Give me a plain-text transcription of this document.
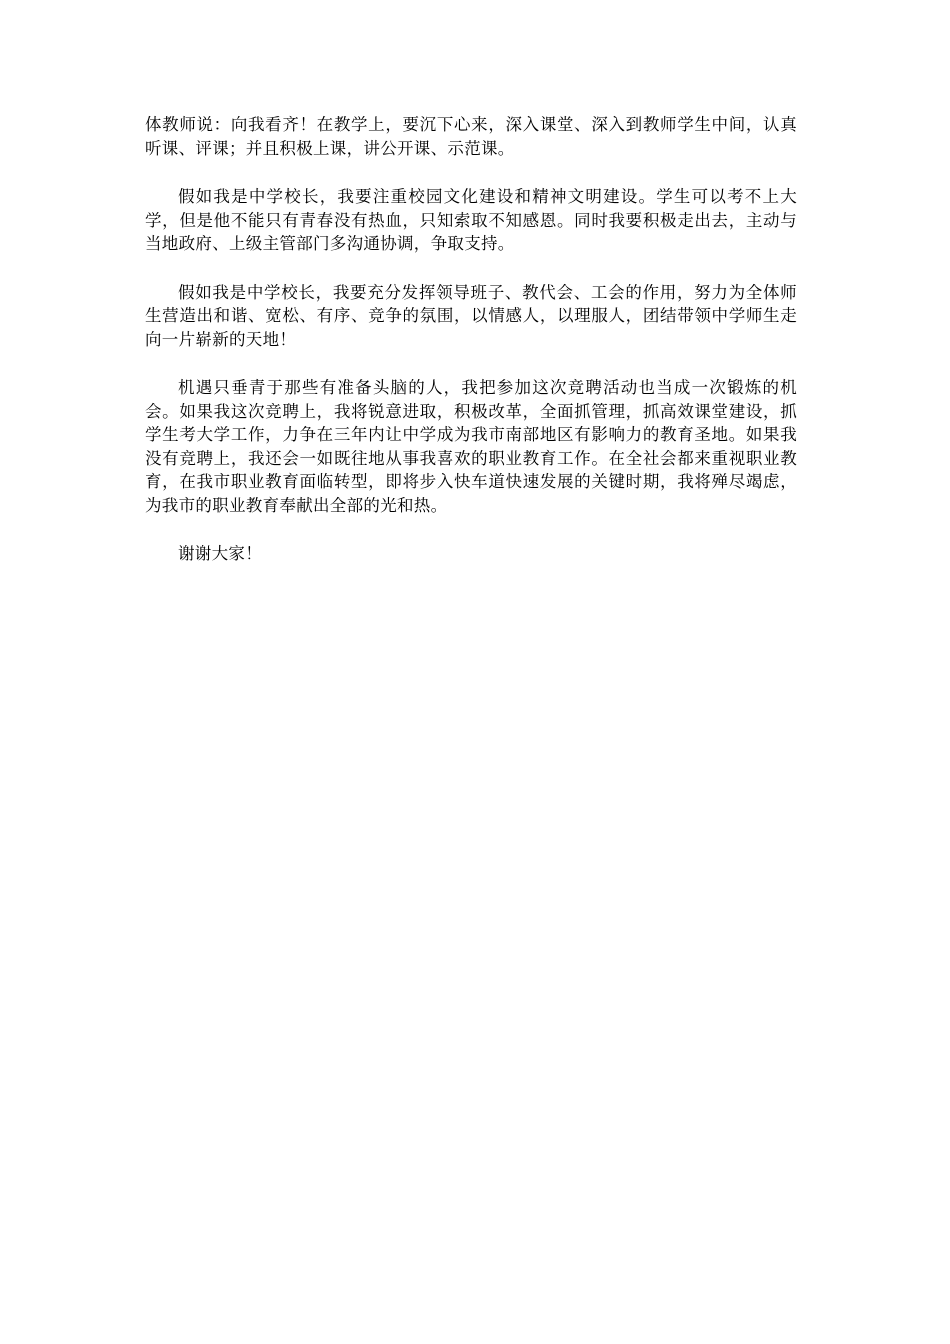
体教师说：向我看齐！在教学上，要沉下心来，深入课堂、深入到教师学生中间，认真听课、评课；并且积极上课，讲公开课、示范课。

假如我是中学校长，我要注重校园文化建设和精神文明建设。学生可以考不上大学，但是他不能只有青春没有热血，只知索取不知感恩。同时我要积极走出去，主动与当地政府、上级主管部门多沟通协调，争取支持。

假如我是中学校长，我要充分发挥领导班子、教代会、工会的作用，努力为全体师生营造出和谐、宽松、有序、竞争的氛围，以情感人，以理服人，团结带领中学师生走向一片崭新的天地！

机遇只垂青于那些有准备头脑的人，我把参加这次竞聘活动也当成一次锻炼的机会。如果我这次竞聘上，我将锐意进取，积极改革，全面抓管理，抓高效课堂建设，抓学生考大学工作，力争在三年内让中学成为我市南部地区有影响力的教育圣地。如果我没有竞聘上，我还会一如既往地从事我喜欢的职业教育工作。在全社会都来重视职业教育，在我市职业教育面临转型，即将步入快车道快速发展的关键时期，我将殚尽竭虑，为我市的职业教育奉献出全部的光和热。

谢谢大家！
